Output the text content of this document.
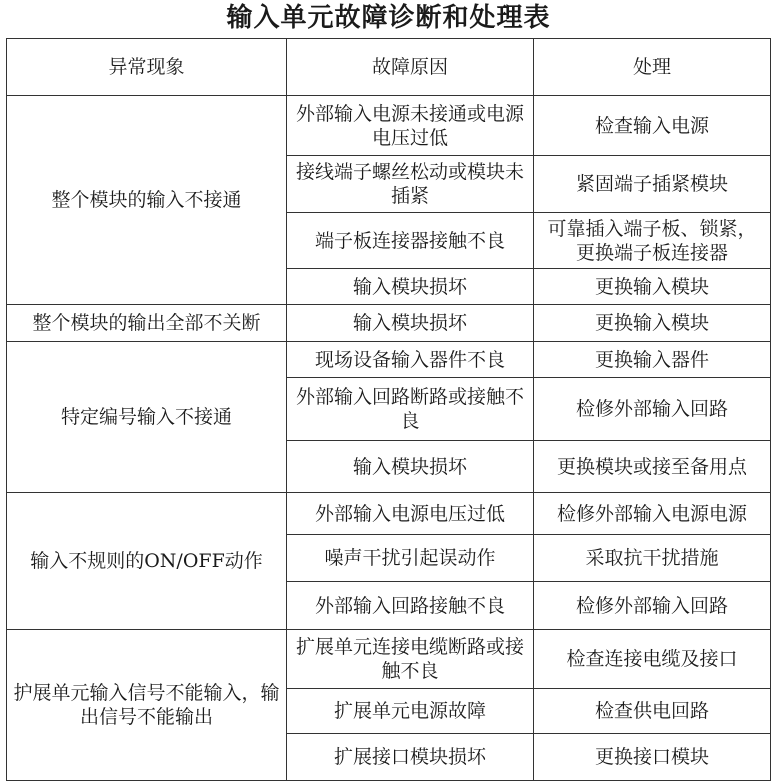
输入单元故障诊断和处理表
异常现象	故障原因	处理
整个模块的输入不接通	外部输入电源未接通或电源电压过低	检查输入电源
	接线端子螺丝松动或模块未插紧	紧固端子插紧模块
	端子板连接器接触不良	可靠插入端子板、锁紧，更换端子板连接器
	输入模块损坏	更换输入模块
整个模块的输出全部不关断	输入模块损坏	更换输入模块
特定编号输入不接通	现场设备输入器件不良	更换输入器件
	外部输入回路断路或接触不良	检修外部输入回路
	输入模块损坏	更换模块或接至备用点
输入不规则的ON/OFF动作	外部输入电源电压过低	检修外部输入电源电源
	噪声干扰引起误动作	采取抗干扰措施
	外部输入回路接触不良	检修外部输入回路
护展单元输入信号不能输入，输出信号不能输出	扩展单元连接电缆断路或接触不良	检查连接电缆及接口
	扩展单元电源故障	检查供电回路
	扩展接口模块损坏	更换接口模块
